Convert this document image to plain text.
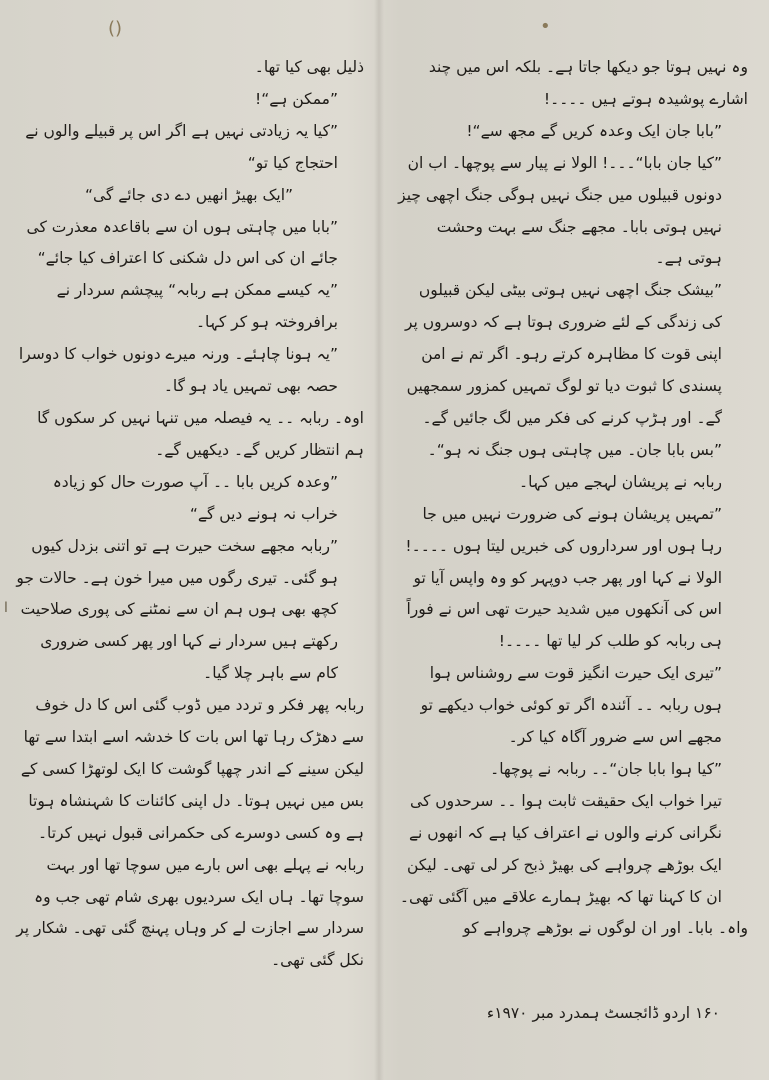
()	•
ا

وہ نہیں ہوتا جو دیکھا جاتا ہے۔ بلکہ اس میں چند اشارے پوشیدہ ہوتے ہیں ۔۔۔۔!

”بابا جان ایک وعدہ کریں گے مجھ سے“!

”کیا جان بابا“۔۔۔! الولا نے پیار سے پوچھا۔ اب ان دونوں قبیلوں میں جنگ نہیں ہوگی جنگ اچھی چیز نہیں ہوتی بابا۔ مجھے جنگ سے بہت وحشت ہوتی ہے۔

”بیشک جنگ اچھی نہیں ہوتی بیٹی لیکن قبیلوں کی زندگی کے لئے ضروری ہوتا ہے کہ دوسروں پر اپنی قوت کا مظاہرہ کرتے رہو۔ اگر تم نے امن پسندی کا ثبوت دیا تو لوگ تمہیں کمزور سمجھیں گے۔ اور ہڑپ کرنے کی فکر میں لگ جائیں گے۔

”بس بابا جان۔ میں چاہتی ہوں جنگ نہ ہو“۔ ربابہ نے پریشان لہجے میں کہا۔

”تمہیں پریشان ہونے کی ضرورت نہیں میں جا رہا ہوں اور سرداروں کی خبریں لیتا ہوں ۔۔۔۔! الولا نے کہا اور پھر جب دوپہر کو وہ واپس آیا تو اس کی آنکھوں میں شدید حیرت تھی اس نے فوراً ہی ربابہ کو طلب کر لیا تھا ۔۔۔۔!

”تیری ایک حیرت انگیز قوت سے روشناس ہوا ہوں ربابہ ۔۔ آئندہ اگر تو کوئی خواب دیکھے تو مجھے اس سے ضرور آگاہ کیا کر۔

”کیا ہوا بابا جان“۔۔ ربابہ نے پوچھا۔

تیرا خواب ایک حقیقت ثابت ہوا ۔۔ سرحدوں کی نگرانی کرنے والوں نے اعتراف کیا ہے کہ انھوں نے ایک بوڑھے چرواہے کی بھیڑ ذبح کر لی تھی۔ لیکن ان کا کہنا تھا کہ بھیڑ ہمارے علاقے میں آگئی تھی۔

واہ۔ بابا۔ اور ان لوگوں نے بوڑھے چرواہے کو

ذلیل بھی کیا تھا۔

”ممکن ہے“!

”کیا یہ زیادتی نہیں ہے اگر اس پر قبیلے والوں نے احتجاج کیا تو“

”ایک بھیڑ انھیں دے دی جائے گی“

”بابا میں چاہتی ہوں ان سے باقاعدہ معذرت کی جائے ان کی اس دل شکنی کا اعتراف کیا جائے“

”یہ کیسے ممکن ہے ربابہ“ پیچشم سردار نے برافروختہ ہو کر کہا۔

”یہ ہونا چاہئے۔ ورنہ میرے دونوں خواب کا دوسرا حصہ بھی تمہیں یاد ہو گا۔

اوہ۔ ربابہ ۔۔ یہ فیصلہ میں تنہا نہیں کر سکوں گا ہم انتظار کریں گے۔ دیکھیں گے۔

”وعدہ کریں بابا ۔۔ آپ صورت حال کو زیادہ خراب نہ ہونے دیں گے“

”ربابہ مجھے سخت حیرت ہے تو اتنی بزدل کیوں ہو گئی۔ تیری رگوں میں میرا خون ہے۔ حالات جو کچھ بھی ہوں ہم ان سے نمٹنے کی پوری صلاحیت رکھتے ہیں سردار نے کہا اور پھر کسی ضروری کام سے باہر چلا گیا۔

ربابہ پھر فکر و تردد میں ڈوب گئی اس کا دل خوف سے دھڑک رہا تھا اس بات کا خدشہ اسے ابتدا سے تھا لیکن سینے کے اندر چھپا گوشت کا ایک لوتھڑا کسی کے بس میں نہیں ہوتا۔ دل اپنی کائنات کا شہنشاہ ہوتا ہے وہ کسی دوسرے کی حکمرانی قبول نہیں کرتا۔ ربابہ نے پہلے بھی اس بارے میں سوچا تھا اور بہت سوچا تھا۔ ہاں ایک سردیوں بھری شام تھی جب وہ سردار سے اجازت لے کر وہاں پہنچ گئی تھی۔ شکار پر نکل گئی تھی۔

۱۶۰ اردو ڈائجسٹ ہمدرد مبر ۱۹۷۰ء
